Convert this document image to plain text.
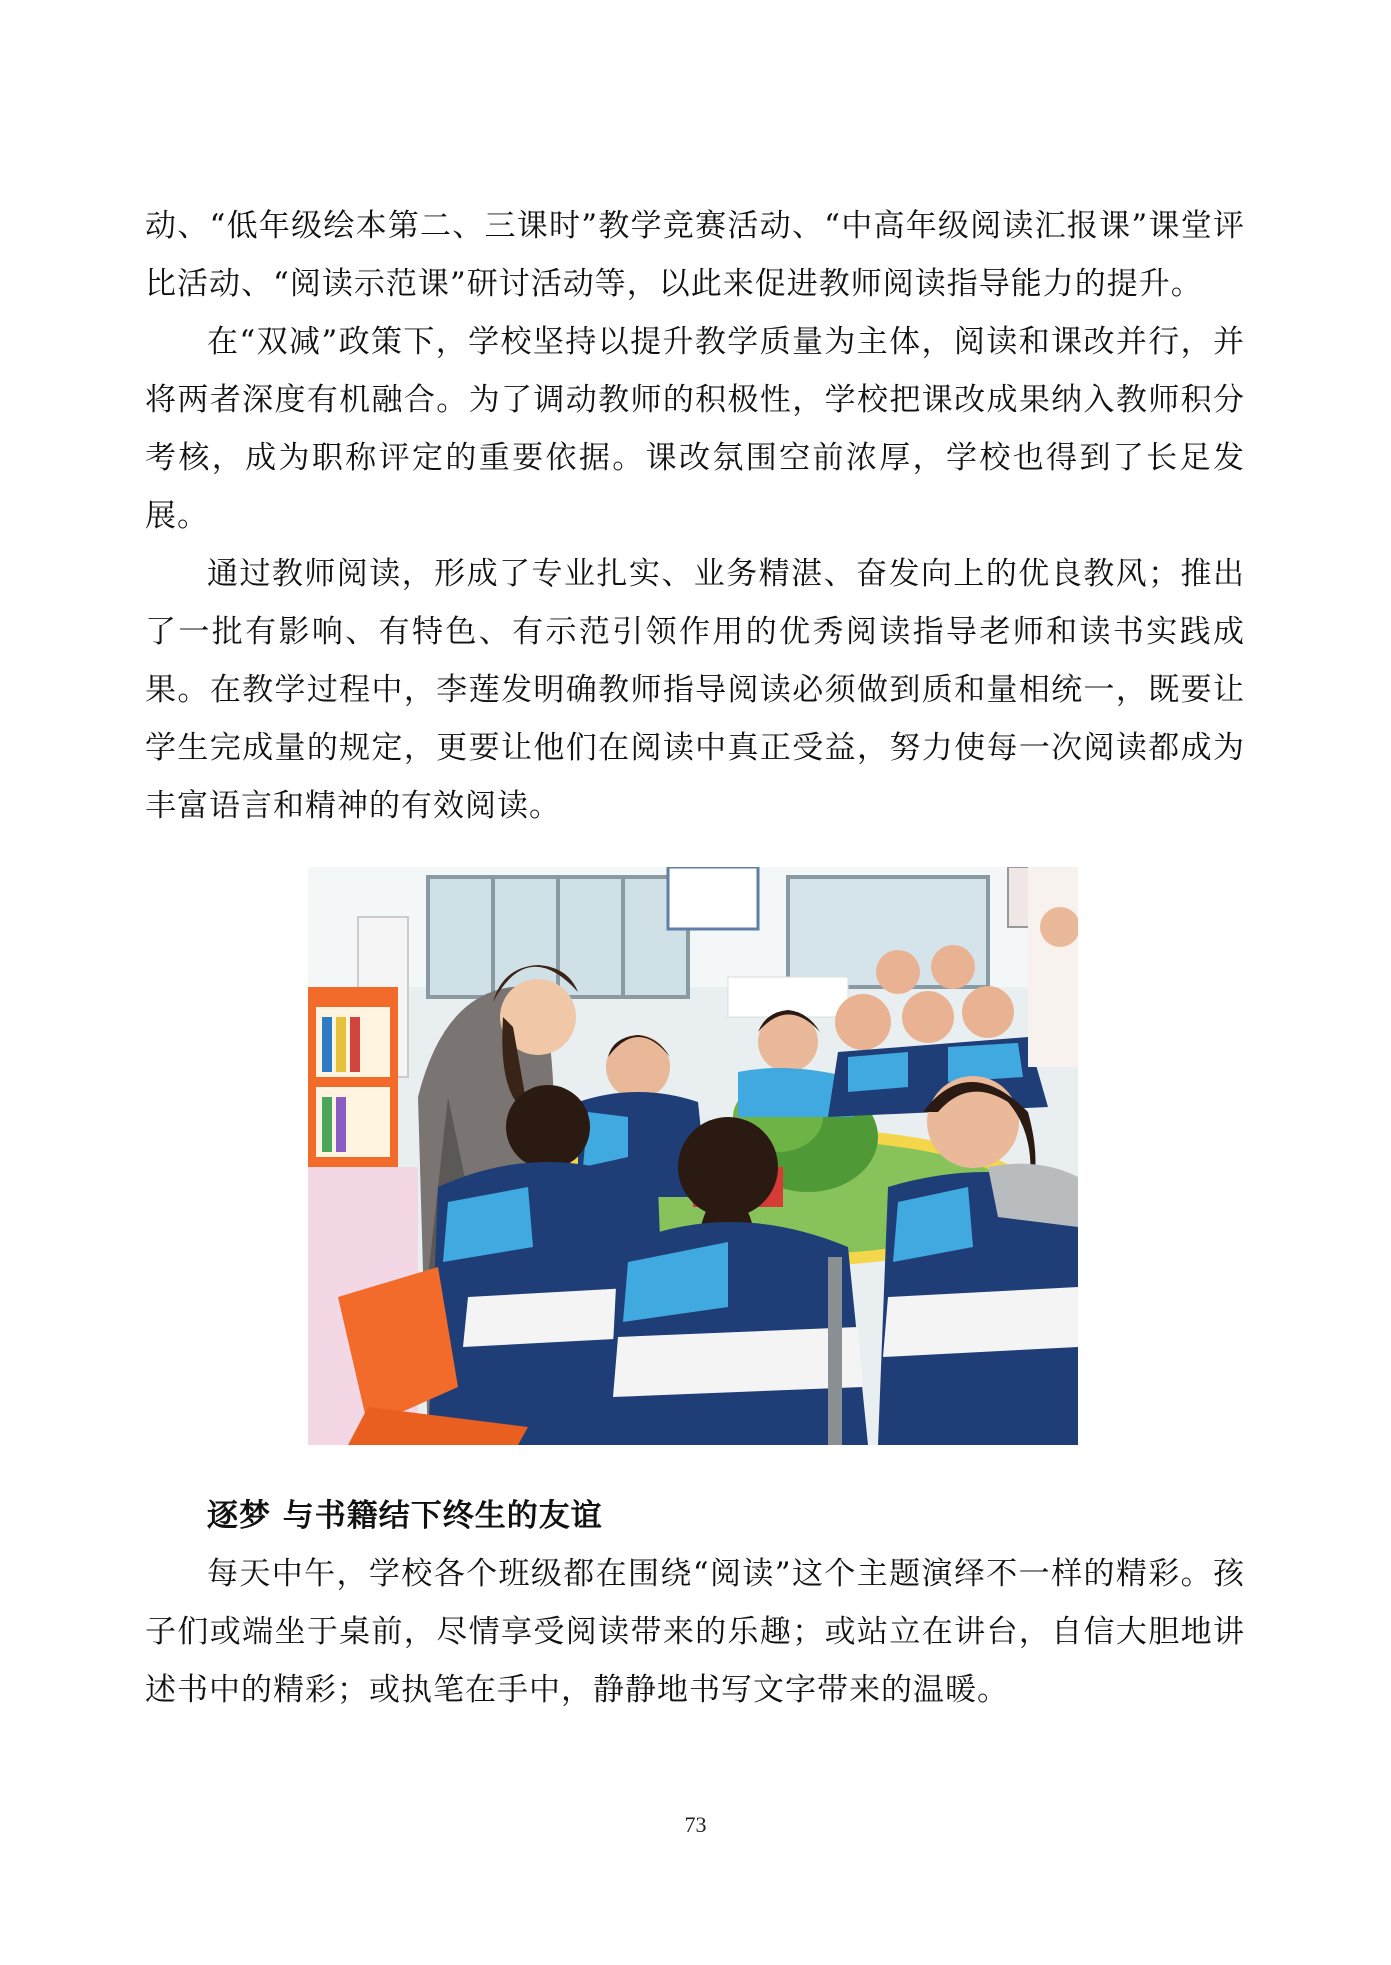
动、“低年级绘本第二、三课时”教学竞赛活动、“中高年级阅读汇报课”课堂评比活动、“阅读示范课”研讨活动等，以此来促进教师阅读指导能力的提升。

在“双减”政策下，学校坚持以提升教学质量为主体，阅读和课改并行，并将两者深度有机融合。为了调动教师的积极性，学校把课改成果纳入教师积分考核，成为职称评定的重要依据。课改氛围空前浓厚，学校也得到了长足发展。

通过教师阅读，形成了专业扎实、业务精湛、奋发向上的优良教风；推出了一批有影响、有特色、有示范引领作用的优秀阅读指导老师和读书实践成果。在教学过程中，李莲发明确教师指导阅读必须做到质和量相统一，既要让学生完成量的规定，更要让他们在阅读中真正受益，努力使每一次阅读都成为丰富语言和精神的有效阅读。

逐梦 与书籍结下终生的友谊

每天中午，学校各个班级都在围绕“阅读”这个主题演绎不一样的精彩。孩子们或端坐于桌前，尽情享受阅读带来的乐趣；或站立在讲台，自信大胆地讲述书中的精彩；或执笔在手中，静静地书写文字带来的温暖。

73
